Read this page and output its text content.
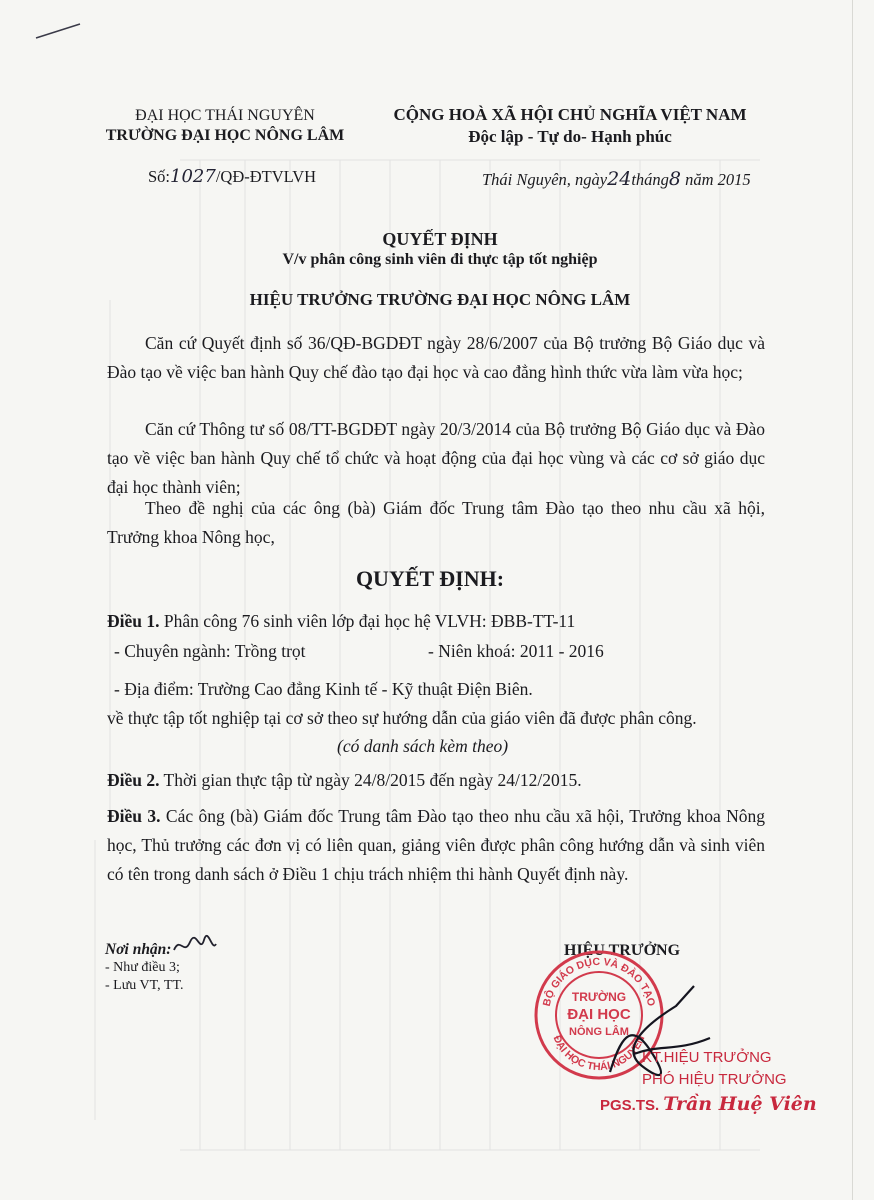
ĐẠI HỌC THÁI NGUYÊN
TRƯỜNG ĐẠI HỌC NÔNG LÂM
CỘNG HOÀ XÃ HỘI CHỦ NGHĨA VIỆT NAM
Độc lập - Tự do- Hạnh phúc
Số:1027/QĐ-ĐTVLVH	Thái Nguyên, ngày24tháng8 năm 2015
QUYẾT ĐỊNH
V/v phân công sinh viên đi thực tập tốt nghiệp
HIỆU TRƯỞNG TRƯỜNG ĐẠI HỌC NÔNG LÂM
Căn cứ Quyết định số 36/QĐ-BGDĐT ngày 28/6/2007 của Bộ trưởng Bộ Giáo dục và Đào tạo về việc ban hành Quy chế đào tạo đại học và cao đẳng hình thức vừa làm vừa học;
Căn cứ Thông tư số 08/TT-BGDĐT ngày 20/3/2014 của Bộ trưởng Bộ Giáo dục và Đào tạo về việc ban hành Quy chế tổ chức và hoạt động của đại học vùng và các cơ sở giáo dục đại học thành viên;
Theo đề nghị của các ông (bà) Giám đốc Trung tâm Đào tạo theo nhu cầu xã hội, Trưởng khoa Nông học,
QUYẾT ĐỊNH:
Điều 1. Phân công 76 sinh viên lớp đại học hệ VLVH: ĐBB-TT-11
- Chuyên ngành: Trồng trọt	- Niên khoá: 2011 - 2016
- Địa điểm: Trường Cao đẳng Kinh tế - Kỹ thuật Điện Biên.
về thực tập tốt nghiệp tại cơ sở theo sự hướng dẫn của giáo viên đã được phân công.
(có danh sách kèm theo)
Điều 2. Thời gian thực tập từ ngày 24/8/2015 đến ngày 24/12/2015.
Điều 3. Các ông (bà) Giám đốc Trung tâm Đào tạo theo nhu cầu xã hội, Trưởng khoa Nông học, Thủ trưởng các đơn vị có liên quan, giảng viên được phân công hướng dẫn và sinh viên có tên trong danh sách ở Điều 1 chịu trách nhiệm thi hành Quyết định này.
Nơi nhận:
- Như điều 3;
- Lưu VT, TT.
HIỆU TRƯỞNG
BỘ GIÁO DỤC VÀ ĐÀO TẠO
ĐẠI HỌC THÁI NGUYÊN
TRƯỜNG
ĐẠI HỌC
NÔNG LÂM
KT.HIỆU TRƯỞNG
PHÓ HIỆU TRƯỞNG
PGS.TS. Trần Huệ Viên
